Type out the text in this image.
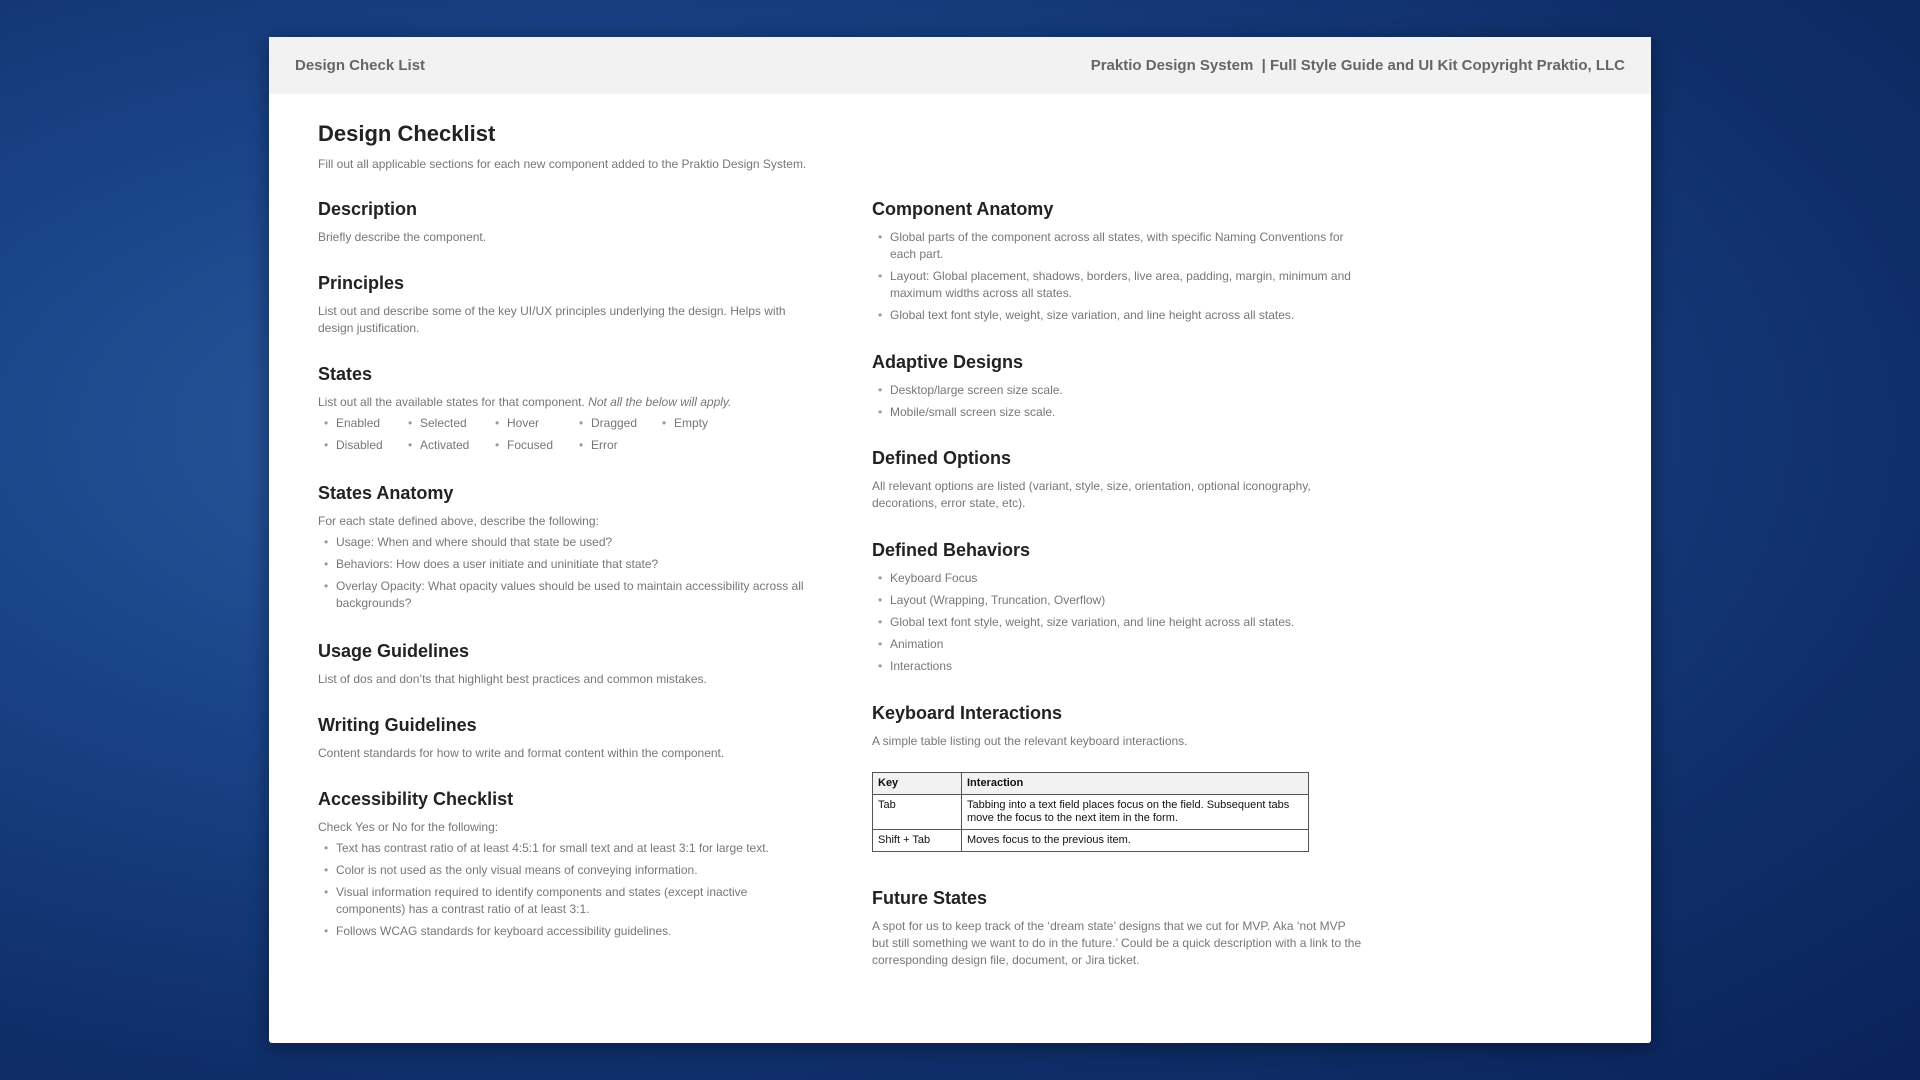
Design Check List	Praktio Design System  | Full Style Guide and UI Kit Copyright Praktio, LLC
Design Checklist
Fill out all applicable sections for each new component added to the Praktio Design System.
Description

Briefly describe the component.

Principles

List out and describe some of the key UI/UX principles underlying the design. Helps with design justification.

States

List out all the available states for that component. Not all the below will apply.

• Enabled	• Selected	• Hover	• Dragged	• Empty
• Disabled	• Activated	• Focused	• Error
States Anatomy

For each state defined above, describe the following:

• Usage: When and where should that state be used?
• Behaviors: How does a user initiate and uninitiate that state?
• Overlay Opacity: What opacity values should be used to maintain accessibility across all backgrounds?
Usage Guidelines

List of dos and don’ts that highlight best practices and common mistakes.

Writing Guidelines

Content standards for how to write and format content within the component.

Accessibility Checklist

Check Yes or No for the following:

• Text has contrast ratio of at least 4:5:1 for small text and at least 3:1 for large text.
• Color is not used as the only visual means of conveying information.
• Visual information required to identify components and states (except inactive components) has a contrast ratio of at least 3:1.
• Follows WCAG standards for keyboard accessibility guidelines.
Component Anatomy
• Global parts of the component across all states, with specific Naming Conventions for each part.
• Layout: Global placement, shadows, borders, live area, padding, margin, minimum and maximum widths across all states.
• Global text font style, weight, size variation, and line height across all states.
Adaptive Designs
• Desktop/large screen size scale.
• Mobile/small screen size scale.
Defined Options

All relevant options are listed (variant, style, size, orientation, optional iconography, decorations, error state, etc).

Defined Behaviors
• Keyboard Focus
• Layout (Wrapping, Truncation, Overflow)
• Global text font style, weight, size variation, and line height across all states.
• Animation
• Interactions
Keyboard Interactions

A simple table listing out the relevant keyboard interactions.

Key	Interaction
Tab	Tabbing into a text field places focus on the field. Subsequent tabs move the focus to the next item in the form.
Shift + Tab	Moves focus to the previous item.
Future States

A spot for us to keep track of the ‘dream state’ designs that we cut for MVP. Aka ‘not MVP but still something we want to do in the future.’ Could be a quick description with a link to the corresponding design file, document, or Jira ticket.
